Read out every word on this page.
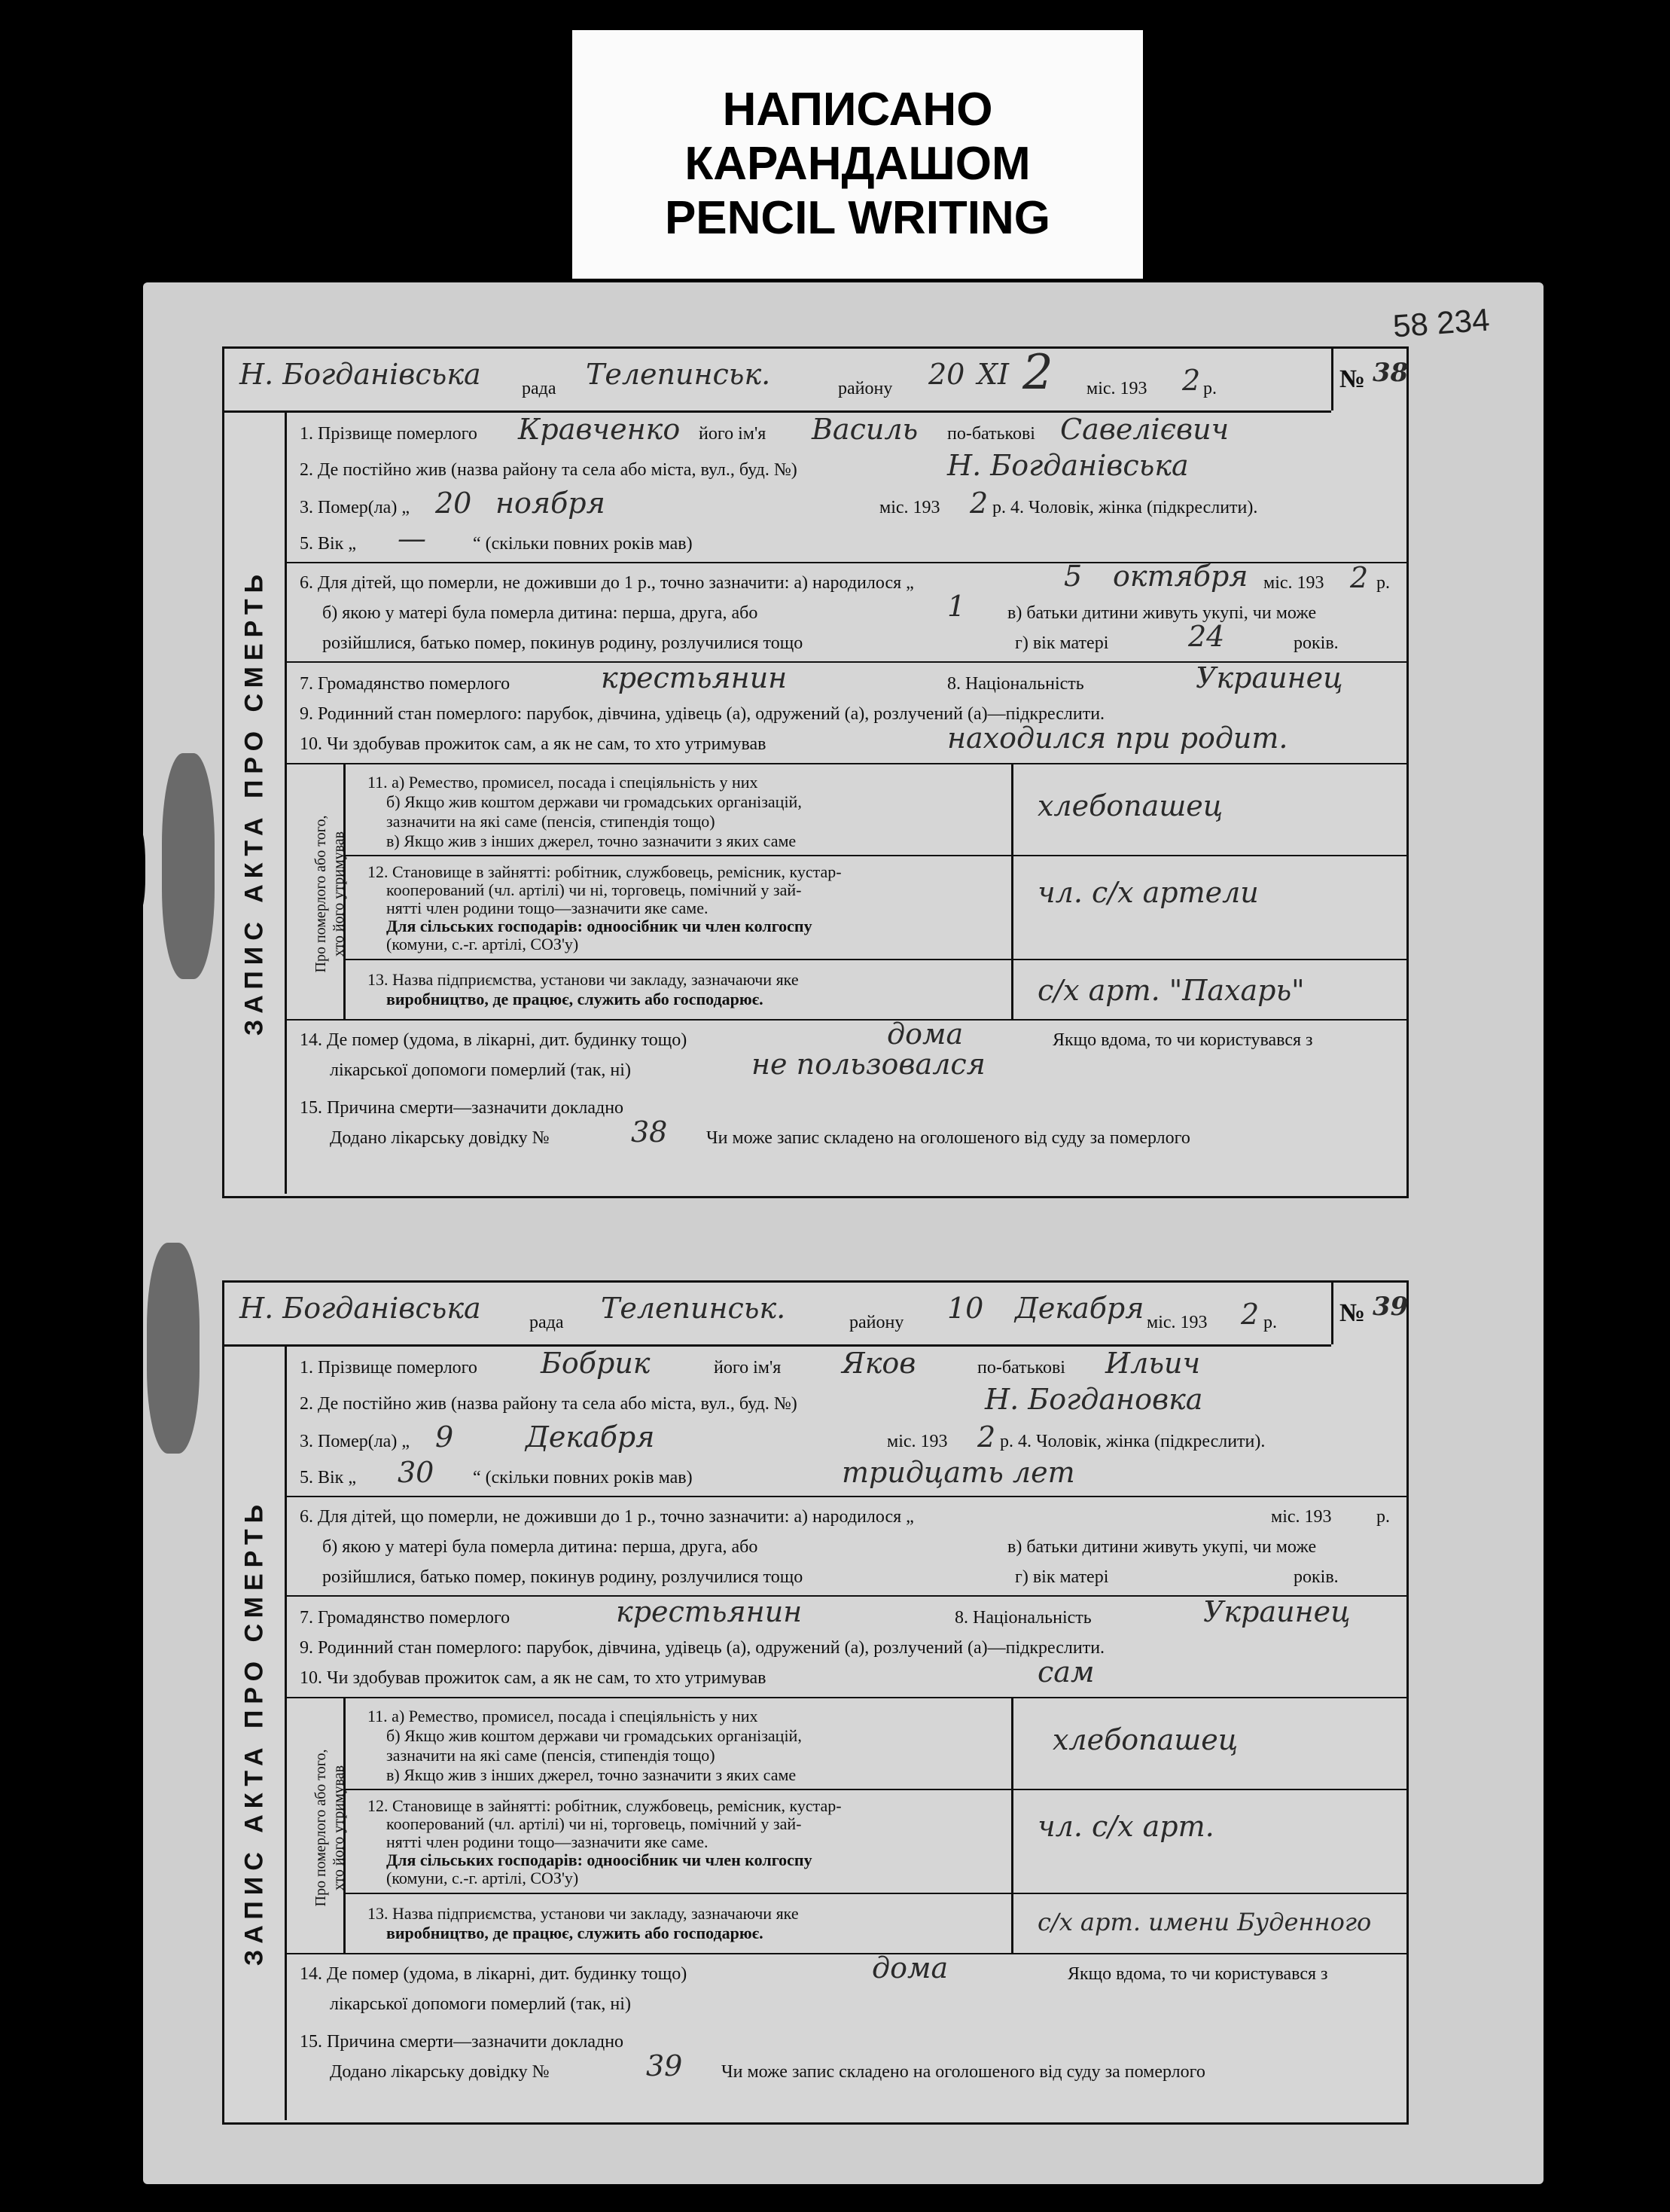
НАПИСАНО
КАРАНДАШОМ
PENCIL WRITING
58 234
Н. Богданівська рада Телепинськ.	району 20 XI 2 міс. 193 2 р.	№ 38
ЗАПИС АКТА ПРО СМЕРТЬ
1. Прізвище померлого Кравченко його ім'я Василь по-батькові Савелієвич
2. Де постійно жив (назва району та села або міста, вул., буд. №)	Н. Богданівська
3. Помер(ла) „ 20 ноября	міс. 193 2 р. 4. Чоловік, жінка (підкреслити).
5. Вік „ —	“ (скільки повних років мав)
6. Для дітей, що померли, не доживши до 1 р., точно зазначити: а) народилося „	5 октября міс. 193 2 р.
б) якою у матері була померла дитина: перша, друга, або	1 в) батьки дитини живуть укупі, чи може
розійшлися, батько помер, покинув родину, розлучилися тощо	г) вік матері	24	років.
7. Громадянство померлого	крестьянин	8. Національність	Украинец
9. Родинний стан померлого: парубок, дівчина, удівець (а), одружений (а), розлучений (а)—підкреслити.
10. Чи здобував прожиток сам, а як не сам, то хто утримував	находился при родит.
Про померлого або того, хто його утримував
11. а) Ремество, промисел, посада і спеціяльність у них
б) Якщо жив коштом держави чи громадських організацій,
зазначити на які саме (пенсія, стипендія тощо)
в) Якщо жив з інших джерел, точно зазначити з яких саме
хлебопашец
12. Становище в зайнятті: робітник, службовець, ремісник, кустар-
кооперований (чл. артілі) чи ні, торговець, помічний у зай-
нятті член родини тощо—зазначити яке саме.
Для сільських господарів: одноосібник чи член колгоспу
(комуни, с.-г. артілі, СОЗ'у)
чл. с/х артели
13. Назва підприємства, установи чи закладу, зазначаючи яке
виробництво, де працює, служить або господарює.	с/х арт. "Пахарь"
14. Де помер (удома, в лікарні, дит. будинку тощо)	дома	Якщо вдома, то чи користувався з
лікарської допомоги померлий (так, ні)	не пользовался
15. Причина смерти—зазначити докладно
Додано лікарську довідку №	38 Чи може запис складено на оголошеного від суду за померлого
Н. Богданівська	рада Телепинськ.	району 10 Декабря міс. 193 2 р. № 39
ЗАПИС АКТА ПРО СМЕРТЬ
1. Прізвище померлого Бобрик	його ім'я Яков	по-батькові Ильич
2. Де постійно жив (назва району та села або міста, вул., буд. №)	Н. Богдановка
3. Помер(ла) „ 9	Декабря	міс. 193 2 р. 4. Чоловік, жінка (підкреслити).
5. Вік „ 30 “ (скільки повних років мав)	тридцать лет
6. Для дітей, що померли, не доживши до 1 р., точно зазначити: а) народилося „	міс. 193 р.
б) якою у матері була померла дитина: перша, друга, або	в) батьки дитини живуть укупі, чи може
розійшлися, батько помер, покинув родину, розлучилися тощо	г) вік матері	років.
7. Громадянство померлого	крестьянин	8. Національність	Украинец
9. Родинний стан померлого: парубок, дівчина, удівець (а), одружений (а), розлучений (а)—підкреслити.
10. Чи здобував прожиток сам, а як не сам, то хто утримував	сам
Про померлого або того, хто його утримував
11. а) Ремество, промисел, посада і спеціяльність у них
б) Якщо жив коштом держави чи громадських організацій,
зазначити на які саме (пенсія, стипендія тощо)
в) Якщо жив з інших джерел, точно зазначити з яких саме
хлебопашец
12. Становище в зайнятті: робітник, службовець, ремісник, кустар-
кооперований (чл. артілі) чи ні, торговець, помічний у зай-
нятті член родини тощо—зазначити яке саме.
Для сільських господарів: одноосібник чи член колгоспу
(комуни, с.-г. артілі, СОЗ'у)
чл. с/х арт.
13. Назва підприємства, установи чи закладу, зазначаючи яке
виробництво, де працює, служить або господарює.	с/х арт. имени Буденного
14. Де помер (удома, в лікарні, дит. будинку тощо)	дома	Якщо вдома, то чи користувався з
лікарської допомоги померлий (так, ні)
15. Причина смерти—зазначити докладно
Додано лікарську довідку №	39 Чи може запис складено на оголошеного від суду за померлого
